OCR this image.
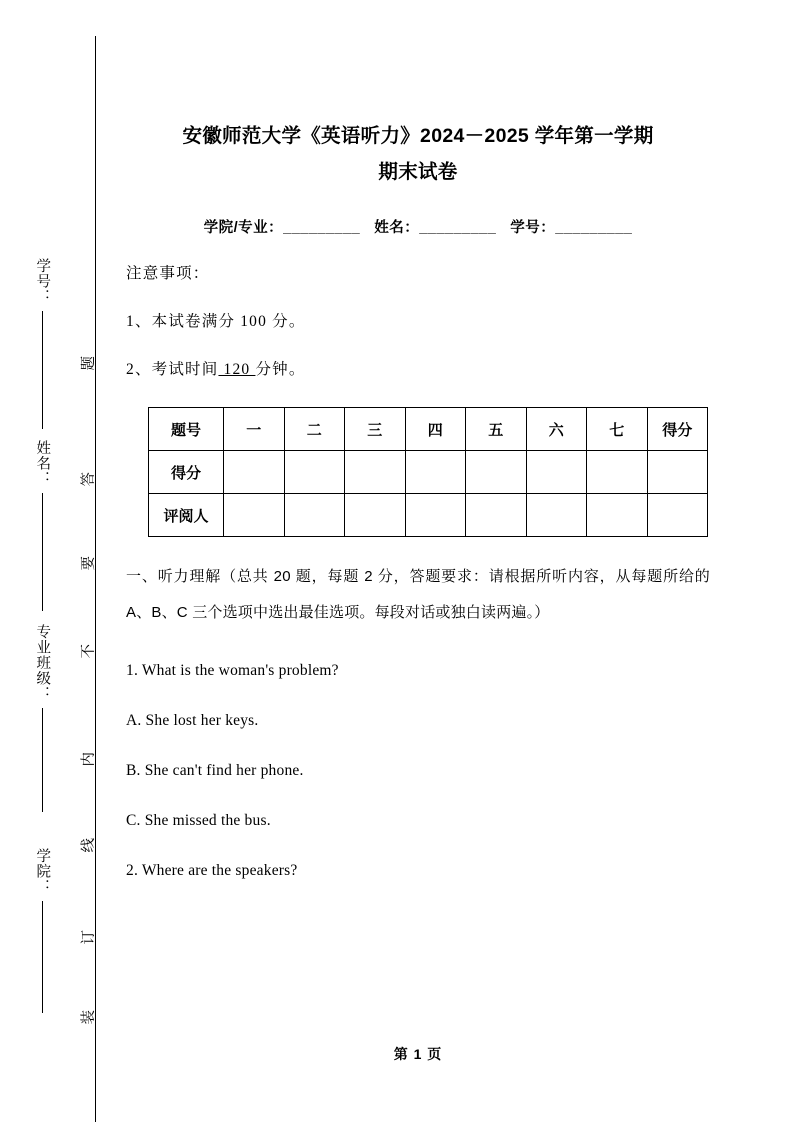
学号：
姓名：
专业班级：
学院：
题
答
要
不
内
线
订
装
安徽师范大学《英语听力》2024－2025 学年第一学期
期末试卷
学院/专业：_________ 姓名：_________ 学号：_________

注意事项：

1、本试卷满分 100 分。

2、考试时间 120 分钟。

题号	一	二	三	四	五	六	七	得分
得分								
评阅人								

一、听力理解（总共 20 题，每题 2 分，答题要求：请根据所听内容，从每题所给的 A、B、C 三个选项中选出最佳选项。每段对话或独白读两遍。）

1. What is the woman's problem?

A. She lost her keys.

B. She can't find her phone.

C. She missed the bus.

2. Where are the speakers?

第 1 页
